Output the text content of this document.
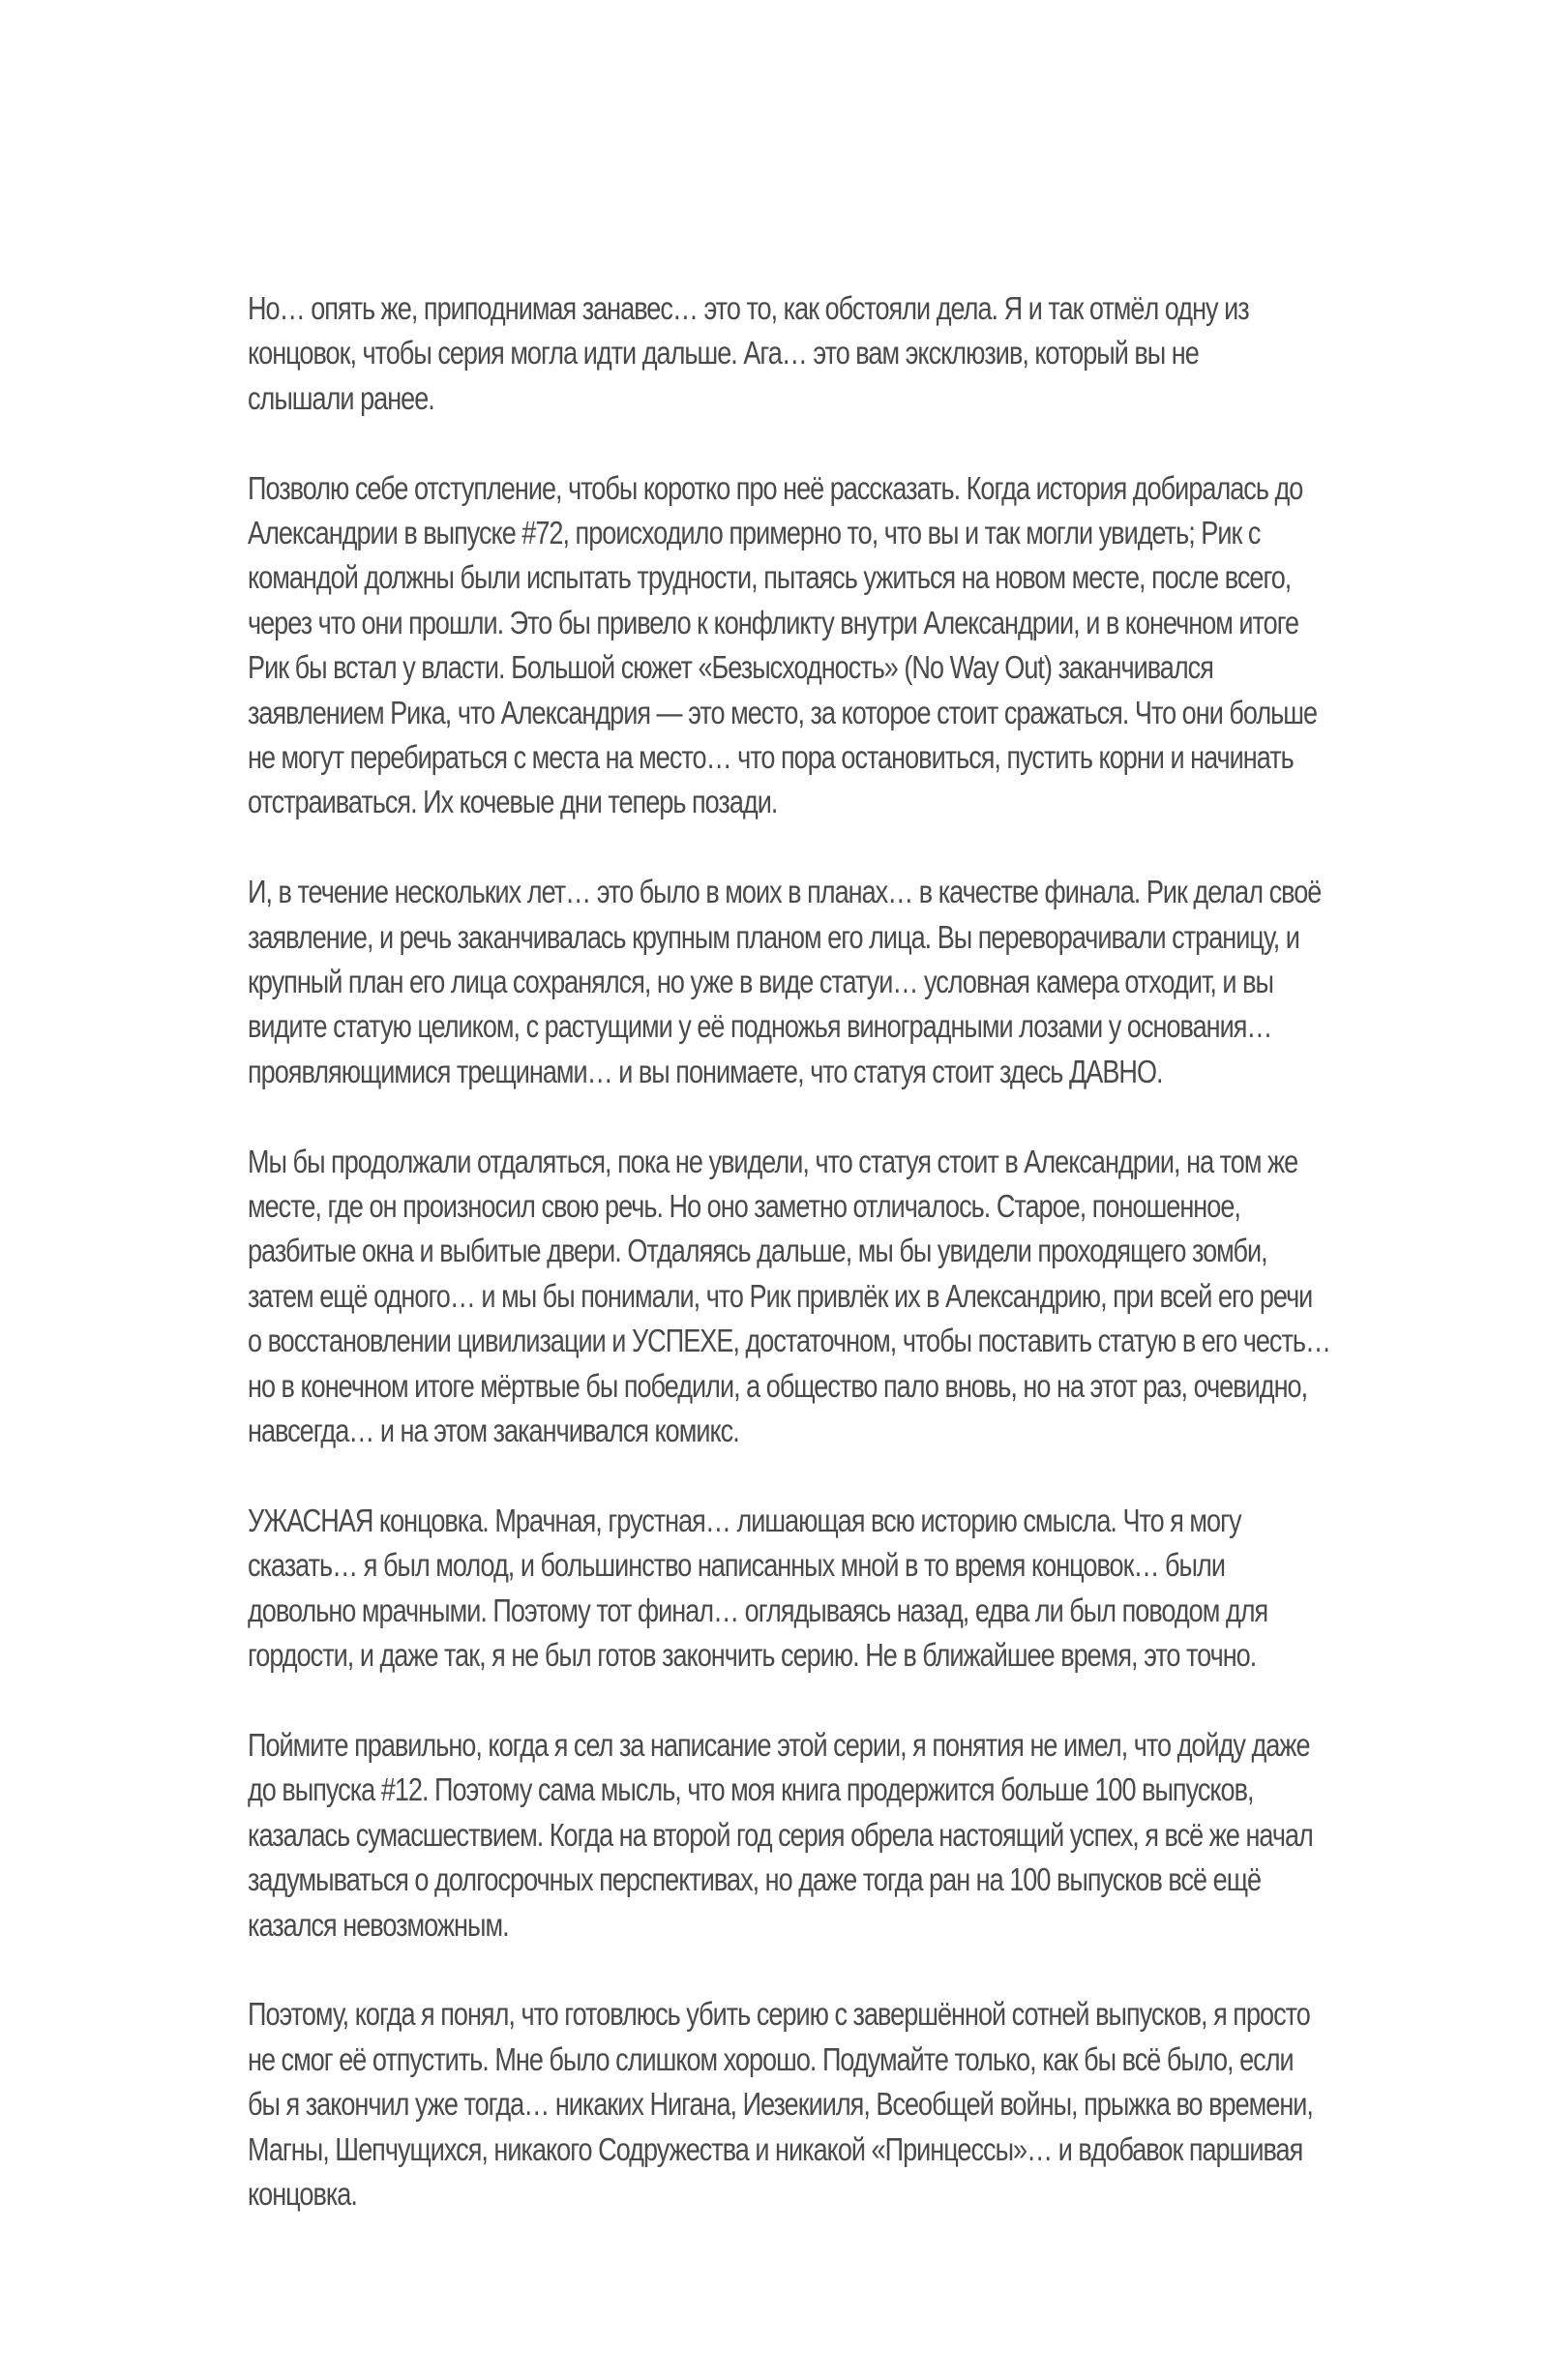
Но… опять же, приподнимая занавес… это то, как обстояли дела. Я и так отмёл одну из
концовок, чтобы серия могла идти дальше. Ага… это вам эксклюзив, который вы не
слышали ранее.
Позволю себе отступление, чтобы коротко про неё рассказать. Когда история добиралась до
Александрии в выпуске #72, происходило примерно то, что вы и так могли увидеть; Рик с
командой должны были испытать трудности, пытаясь ужиться на новом месте, после всего,
через что они прошли. Это бы привело к конфликту внутри Александрии, и в конечном итоге
Рик бы встал у власти. Большой сюжет «Безысходность» (No Way Out) заканчивался
заявлением Рика, что Александрия — это место, за которое стоит сражаться. Что они больше
не могут перебираться с места на место… что пора остановиться, пустить корни и начинать
отстраиваться. Их кочевые дни теперь позади.
И, в течение нескольких лет… это было в моих в планах… в качестве финала. Рик делал своё
заявление, и речь заканчивалась крупным планом его лица. Вы переворачивали страницу, и
крупный план его лица сохранялся, но уже в виде статуи… условная камера отходит, и вы
видите статую целиком, с растущими у её подножья виноградными лозами у основания…
проявляющимися трещинами… и вы понимаете, что статуя стоит здесь ДАВНО.
Мы бы продолжали отдаляться, пока не увидели, что статуя стоит в Александрии, на том же
месте, где он произносил свою речь. Но оно заметно отличалось. Старое, поношенное,
разбитые окна и выбитые двери. Отдаляясь дальше, мы бы увидели проходящего зомби,
затем ещё одного… и мы бы понимали, что Рик привлёк их в Александрию, при всей его речи
о восстановлении цивилизации и УСПЕХЕ, достаточном, чтобы поставить статую в его честь…
но в конечном итоге мёртвые бы победили, а общество пало вновь, но на этот раз, очевидно,
навсегда… и на этом заканчивался комикс.
УЖАСНАЯ концовка. Мрачная, грустная… лишающая всю историю смысла. Что я могу
сказать… я был молод, и большинство написанных мной в то время концовок… были
довольно мрачными. Поэтому тот финал… оглядываясь назад, едва ли был поводом для
гордости, и даже так, я не был готов закончить серию. Не в ближайшее время, это точно.
Поймите правильно, когда я сел за написание этой серии, я понятия не имел, что дойду даже
до выпуска #12. Поэтому сама мысль, что моя книга продержится больше 100 выпусков,
казалась сумасшествием. Когда на второй год серия обрела настоящий успех, я всё же начал
задумываться о долгосрочных перспективах, но даже тогда ран на 100 выпусков всё ещё
казался невозможным.
Поэтому, когда я понял, что готовлюсь убить серию с завершённой сотней выпусков, я просто
не смог её отпустить. Мне было слишком хорошо. Подумайте только, как бы всё было, если
бы я закончил уже тогда… никаких Нигана, Иезекииля, Всеобщей войны, прыжка во времени,
Магны, Шепчущихся, никакого Содружества и никакой «Принцессы»… и вдобавок паршивая
концовка.
